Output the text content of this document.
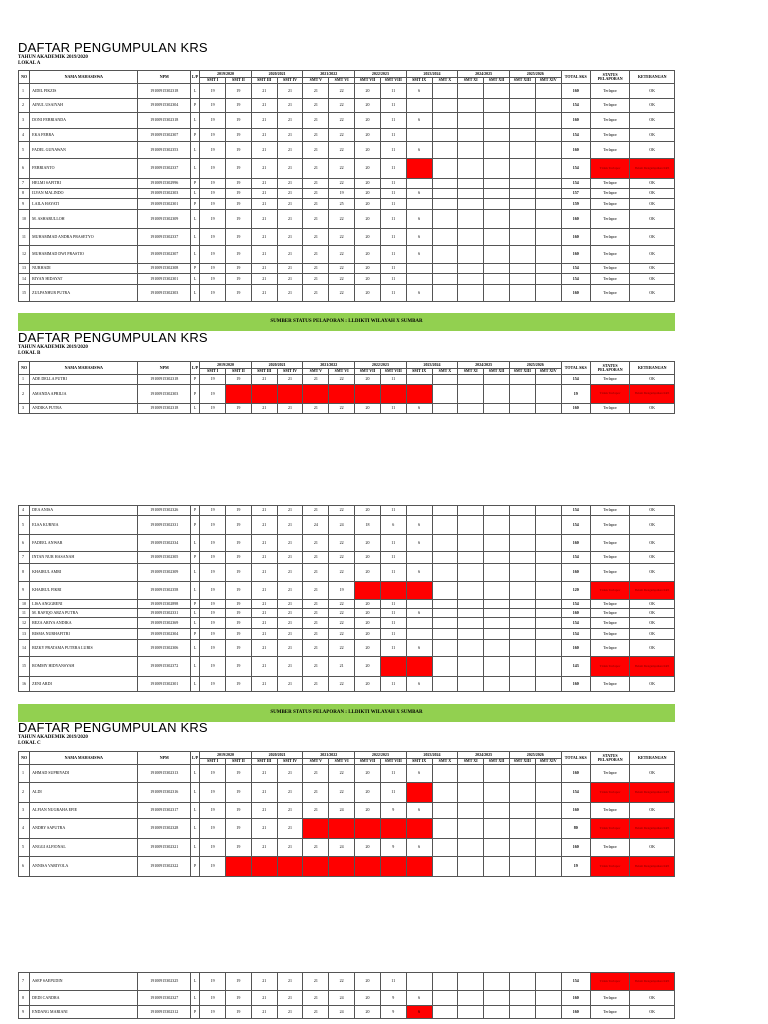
DAFTAR PENGUMPULAN KRS
TAHUN AKADEMIK 2019/2020
LOKAL A
NO	NAMA MAHASISWA	NPM	L/P	2019/2020		2020/2021		2021/2022		2022/2023		2023/2024		2024/2025		2025/2026		TOTAL SKS	STATUS PELAPORAN	KETERANGAN
				SMT I	SMT II	SMT III	SMT IV	SMT V	SMT VI	SMT VII	SMT VIII	SMT IX	SMT X	SMT XI	SMT XII	SMT XIII	SMT XIV			
1	AIDIL FIKZIS	19100915302318	L	19	19	21	21	21	22	20	11	6						160	Terlapor	OK
2	AINUL USAIYAH	19100915302304	P	19	19	21	21	21	22	20	11							154	Terlapor	OK
3	DONI FEBRIANDA	19100915302318	L	19	19	21	21	21	22	20	11	6						160	Terlapor	OK
4	EKA FEBRA	19100915302307	P	19	19	21	21	21	22	20	11							154	Terlapor	OK
5	FADEL GUNAWAN	19100915302353	L	19	19	21	21	21	22	20	11	6						160	Terlapor	OK
6	FEBRIANTO	19100915302337	L	19	19	21	21	21	22	20	11							154	Tidak Terlapor	Belum Mengumpulkan KRS
7	HELMI SAFITRI	19100915302996	P	19	19	21	21	21	22	20	11							154	Terlapor	OK
8	ILVAN MALINDO	19100915302303	L	19	19	21	21	21	19	20	11	6						157	Terlapor	OK
9	LAILA HAYATI	19100915302301	P	19	19	21	21	21	25	20	11							159	Terlapor	OK
10	M. ASHARULLOH	19100915302309	L	19	19	21	21	21	22	20	11	6						160	Terlapor	OK
11	MUHAMMAD ANDRA PRASETYO	19100915302337	L	19	19	21	21	21	22	20	11	6						160	Terlapor	OK
12	MUHAMMAD DWI PRASTIO	19100915302307	L	19	19	21	21	21	22	20	11	6						160	Terlapor	OK
13	NURHADI	19100915302308	P	19	19	21	21	21	22	20	11							154	Terlapor	OK
14	RIYAN HIDAYAT	19100915302301	L	19	19	21	21	21	22	20	11							154	Terlapor	OK
15	ZULPANHUR PUTRA	19100915302303	L	19	19	21	21	21	22	20	11	6						160	Terlapor	OK
SUMBER STATUS PELAPORAN : LLDIKTI WILAYAH X SUMBAR
DAFTAR PENGUMPULAN KRS
TAHUN AKADEMIK 2019/2020
LOKAL B
NO	NAMA MAHASISWA	NPM	L/P	2019/2020		2020/2021		2021/2022		2022/2023		2023/2024		2024/2025		2025/2026		TOTAL SKS	STATUS PELAPORAN	KETERANGAN
				SMT I	SMT II	SMT III	SMT IV	SMT V	SMT VI	SMT VII	SMT VIII	SMT IX	SMT X	SMT XI	SMT XII	SMT XIII	SMT XIV			
1	ADE DELLA PUTRI	19100915302318	P	19	19	21	21	21	22	20	11							154	Terlapor	OK
2	AMANDA APRILIA	19100915302303	P	19														19	Tidak Terlapor	Belum Mengumpulkan KRS
3	ANDIKA PUTRA	19100915302318	L	19	19	21	21	21	22	20	11	6						160	Terlapor	OK
4	DEA ANISA	19100915302326	P	19	19	21	21	21	22	20	11							154	Terlapor	OK
5	ELSA KURNIA	19100915302331	P	19	19	21	21	24	24	18	6	6						154	Terlapor	OK
6	FADEEL ANWAR	19100915302334	L	19	19	21	21	21	22	20	11	6						160	Terlapor	OK
7	INTAN NUR HASANAH	19100915302305	P	19	19	21	21	21	22	20	11							154	Terlapor	OK
8	KHAIRUL AMRI	19100915302309	L	19	19	21	21	21	22	20	11	6						160	Terlapor	OK
9	KHAIRUL FIKRI	19100915302358	L	19	19	21	21	21	19									120	Tidak Terlapor	Belum Mengumpulkan KRS
10	LISA ANGGRENI	19100915302898	P	19	19	21	21	21	22	20	11							154	Terlapor	OK
11	M. RAFIQO ARZA PUTRA	19100915302331	L	19	19	21	21	21	22	20	11	6						160	Terlapor	OK
12	REZA ARIYA ANDIKA	19100915302369	L	19	19	21	21	21	22	20	11							154	Terlapor	OK
13	RISMA NURHAFITRI	19100915302304	P	19	19	21	21	21	22	20	11							154	Terlapor	OK
14	RIZKY PRATAMA PUTERA LUBIS	19100915302306	L	19	19	21	21	21	22	20	11	6						160	Terlapor	OK
15	ROMMY HIDYANSYAH	19100915302372	L	19	19	21	21	21	21	20								143	Tidak Terlapor	Belum Mengumpulkan KRS
16	ZENI ARDI	19100915302301	L	19	19	21	21	21	22	20	11	6						160	Terlapor	OK
SUMBER STATUS PELAPORAN : LLDIKTI WILAYAH X SUMBAR
DAFTAR PENGUMPULAN KRS
TAHUN AKADEMIK 2019/2020
LOKAL C
NO	NAMA MAHASISWA	NPM	L/P	2019/2020		2020/2021		2021/2022		2022/2023		2023/2024		2024/2025		2025/2026		TOTAL SKS	STATUS PELAPORAN	KETERANGAN
				SMT I	SMT II	SMT III	SMT IV	SMT V	SMT VI	SMT VII	SMT VIII	SMT IX	SMT X	SMT XI	SMT XII	SMT XIII	SMT XIV			
1	AHMAD SUPRIYADI	19100915302313	L	19	19	21	21	21	22	20	11	6						160	Terlapor	OK
2	ALDI	19100915302316	L	19	19	21	21	21	22	20	11							154	Tidak Terlapor	Belum Mengumpulkan KRS
3	ALFIAN NUGRAHA EFIE	19100915302317	L	19	19	21	21	21	24	20	9	6						160	Terlapor	OK
4	ANDRY SAPUTRA	19100915302328	L	19	19	21	21											80	Tidak Terlapor	Belum Mengumpulkan KRS
5	ANGGI ALFIONAL	19100915302321	L	19	19	21	21	21	24	20	9	6						160	Terlapor	OK
6	ANNISA VARIYOLA	19100915302322	P	19														19	Tidak Terlapor	Belum Mengumpulkan KRS
7	ASEP SAEPUDIN	19100915302325	L	19	19	21	21	21	22	20	11							154	Tidak Terlapor	Belum Mengumpulkan KRS
8	DEDI CANDRA	19100915302327	L	19	19	21	21	21	24	20	9	6						160	Terlapor	OK
9	ENDANG MARIANI	19100915302312	P	19	19	21	21	21	24	20	9	6						160	Terlapor	OK
